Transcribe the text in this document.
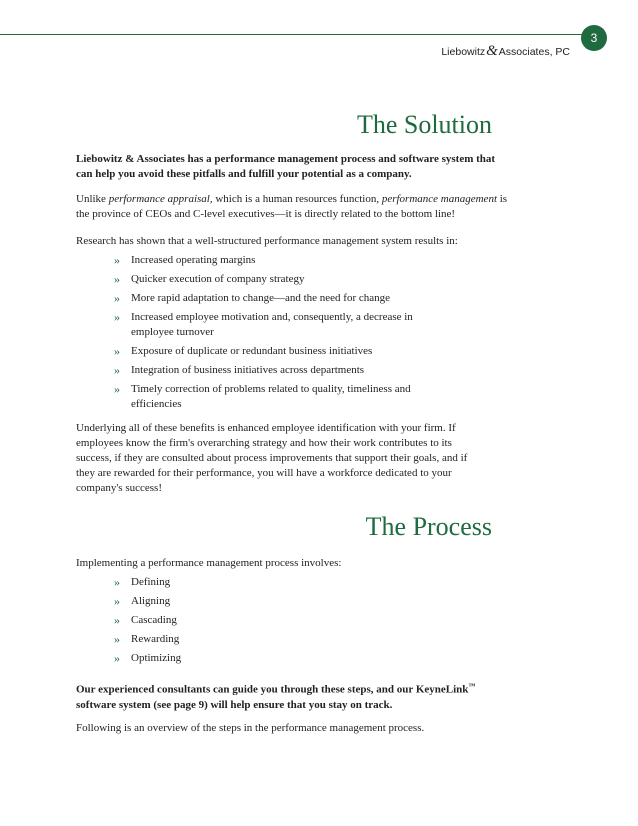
3
Liebowitz & Associates, PC
The Solution

Liebowitz & Associates has a performance management process and software system that can help you avoid these pitfalls and fulfill your potential as a company.

Unlike performance appraisal, which is a human resources function, performance management is the province of CEOs and C-level executives—it is directly related to the bottom line!

Research has shown that a well-structured performance management system results in:

» Increased operating margins
» Quicker execution of company strategy
» More rapid adaptation to change—and the need for change
» Increased employee motivation and, consequently, a decrease in employee turnover
» Exposure of duplicate or redundant business initiatives
» Integration of business initiatives across departments
» Timely correction of problems related to quality, timeliness and efficiencies

Underlying all of these benefits is enhanced employee identification with your firm. If employees know the firm's overarching strategy and how their work contributes to its success, if they are consulted about process improvements that support their goals, and if they are rewarded for their performance, you will have a workforce dedicated to your company's success!

The Process

Implementing a performance management process involves:

» Defining
» Aligning
» Cascading
» Rewarding
» Optimizing

Our experienced consultants can guide you through these steps, and our KeyneLink™ software system (see page 9) will help ensure that you stay on track.

Following is an overview of the steps in the performance management process.
